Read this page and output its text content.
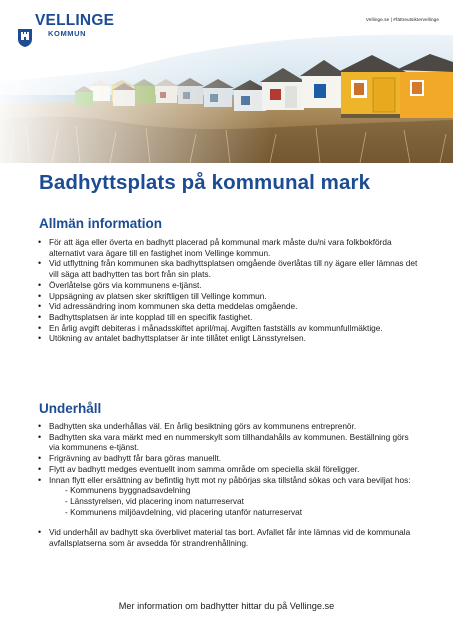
Vellinge.se | #fättreutsiktervellinge
VELLINGE
KOMMUN
Badhyttsplats på kommunal mark
Allmän information
• För att äga eller överta en badhytt placerad på kommunal mark måste du/ni vara folkbokförda alternativt vara ägare till en fastighet inom Vellinge kommun.
• Vid utflyttning från kommunen ska badhyttsplatsen omgående överlåtas till ny ägare eller lämnas det vill säga att badhytten tas bort från sin plats.
• Överlåtelse görs via kommunens e-tjänst.
• Uppsägning av platsen sker skriftligen till Vellinge kommun.
• Vid adressändring inom kommunen ska detta meddelas omgående.
• Badhyttsplatsen är inte kopplad till en specifik fastighet.
• En årlig avgift debiteras i månadsskiftet april/maj. Avgiften fastställs av kommunfullmäktige.
• Utökning av antalet badhyttsplatser är inte tillåtet enligt Länsstyrelsen.
Underhåll
• Badhytten ska underhållas väl. En årlig besiktning görs av kommunens entreprenör.
• Badhytten ska vara märkt med en nummerskylt som tillhandahålls av kommunen. Beställning görs via kommunens e-tjänst.
• Frigrävning av badhytt får bara göras manuellt.
• Flytt av badhytt medges eventuellt inom samma område om speciella skäl föreligger.
• Innan flytt eller ersättning av befintlig hytt mot ny påbörjas ska tillstånd sökas och vara beviljat hos:
- Kommunens byggnadsavdelning
- Länsstyrelsen, vid placering inom naturreservat
- Kommunens miljöavdelning, vid placering utanför naturreservat
• Vid underhåll av badhytt ska överblivet material tas bort. Avfallet får inte lämnas vid de kommunala avfallsplatserna som är avsedda för strandrenhållning.
Mer information om badhytter hittar du på Vellinge.se
